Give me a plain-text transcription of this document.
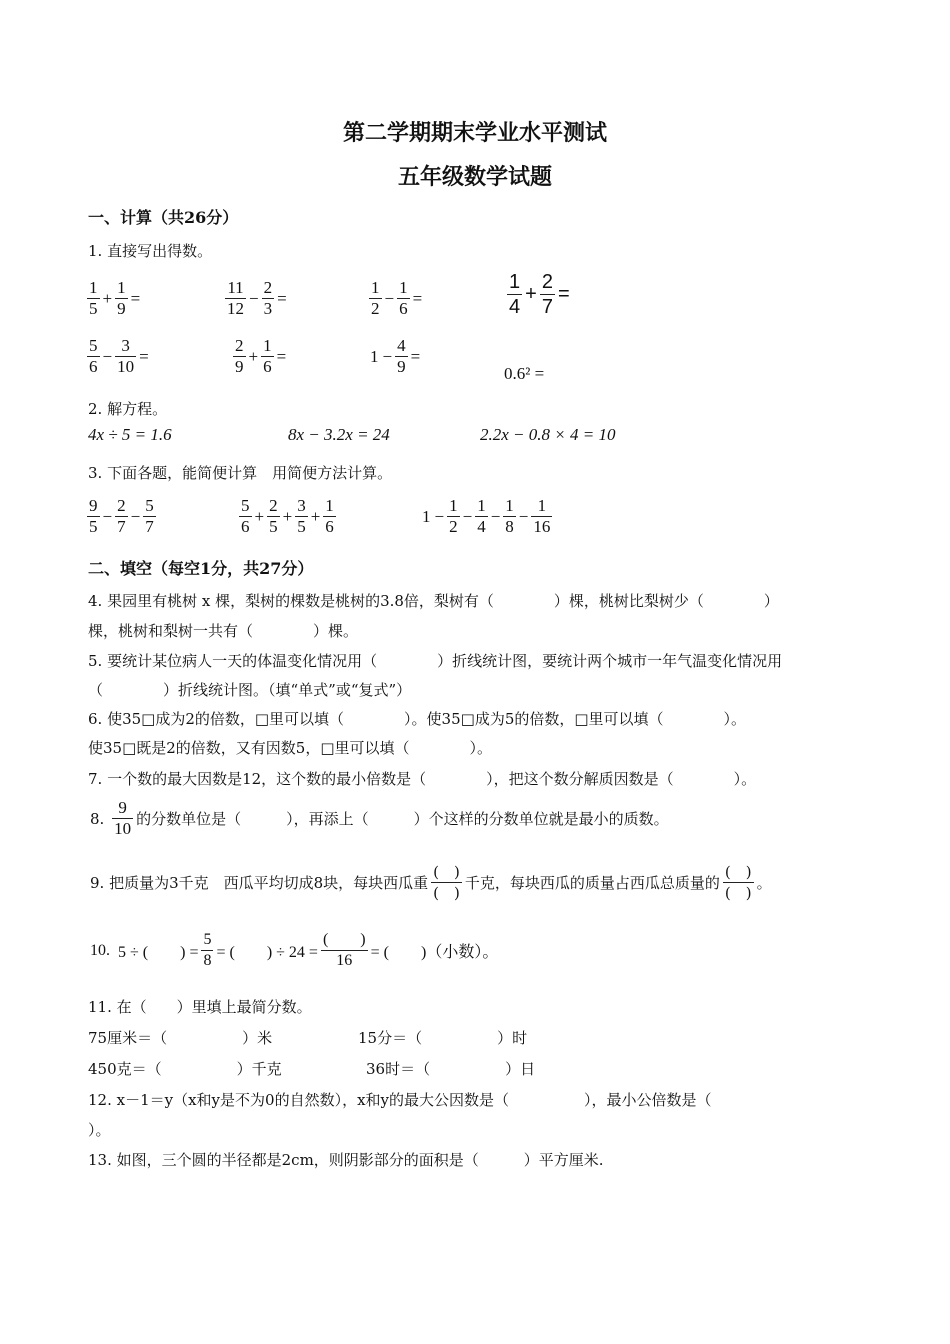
第二学期期末学业水平测试
五年级数学试题
一、计算（共26分）
1. 直接写出得数。
$\frac{1}{5} + \frac{1}{9}$ =	$\frac{11}{12} - \frac{2}{3}$ =	$\frac{1}{2} - \frac{1}{6}$ =	$\frac{1}{4} + \frac{2}{7}$ =
$\frac{5}{6} - \frac{3}{10}$ =	$\frac{2}{9} + \frac{1}{6}$ =	$1 - \frac{4}{9}$ =
0.6² =
2. 解方程。
4x ÷ 5 = 1.6	8x − 3.2x = 24	2.2x − 0.8 × 4 = 10
3. 下面各题，能简便计算　用简便方法计算。
$\frac{9}{5} - \frac{2}{7} - \frac{5}{7}$	$\frac{5}{6} + \frac{2}{5} + \frac{3}{5} + \frac{1}{6}$	$1 - \frac{1}{2} - \frac{1}{4} - \frac{1}{8} - \frac{1}{16}$
二、填空（每空1分，共27分）
4. 果园里有桃树 x 棵，梨树的棵数是桃树的3.8倍，梨树有（　　　　）棵，桃树比梨树少（　　　　）
棵，桃树和梨树一共有（　　　　）棵。
5. 要统计某位病人一天的体温变化情况用（　　　　）折线统计图，要统计两个城市一年气温变化情况用
（　　　　）折线统计图。（填“单式”或“复式”）
6. 使35□成为2的倍数，□里可以填（　　　　）。使35□成为5的倍数，□里可以填（　　　　）。
使35□既是2的倍数，又有因数5，□里可以填（　　　　）。
7. 一个数的最大因数是12，这个数的最小倍数是（　　　　），把这个数分解质因数是（　　　　）。
8. $\frac{9}{10}$ 的分数单位是（　　　），再添上（　　　）个这样的分数单位就是最小的质数。
9. 把质量为3千克　西瓜平均切成8块，每块西瓜重 $\frac{( )}{( )}$ 千克，每块西瓜的质量占西瓜总质量的 $\frac{( )}{( )}$ 。
10. 5 ÷ (　　) = $\frac{5}{8}$ = (　　) ÷ $24 = \frac{( )}{16}$ = (　　)（小数）。
11. 在（　　）里填上最简分数。
75厘米＝（　　　　　）米	15分＝（　　　　　）时
450克＝（　　　　　）千克	36时＝（　　　　　）日
12. x－1＝y（x和y是不为0的自然数），x和y的最大公因数是（　　　　　），最小公倍数是（
）。
13. 如图，三个圆的半径都是2cm，则阴影部分的面积是（　　　）平方厘米.
